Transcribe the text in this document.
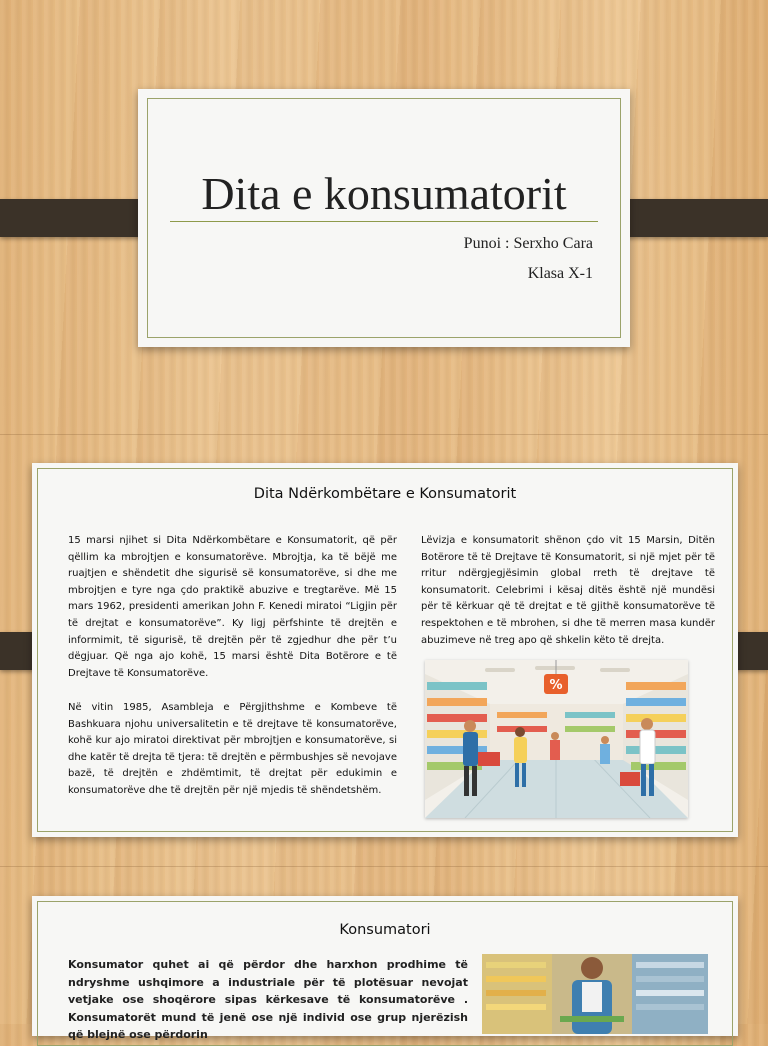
Dita e konsumatorit
Punoi : Serxho Cara
Klasa X-1
Dita Ndërkombëtare e Konsumatorit
15 marsi njihet si Dita Ndërkombëtare e Konsumatorit, që për qëllim ka mbrojtjen e konsumatorëve. Mbrojtja, ka të bëjë me ruajtjen e shëndetit dhe sigurisë së konsumatorëve, si dhe me mbrojtjen e tyre nga çdo praktikë abuzive e tregtarëve. Më 15 mars 1962, presidenti amerikan John F. Kenedi miratoi “Ligjin për të drejtat e konsumatorëve”. Ky ligj përfshinte të drejtën e informimit, të sigurisë, të drejtën për të zgjedhur dhe për t’u dëgjuar. Që nga ajo kohë, 15 marsi është Dita Botërore e të Drejtave të Konsumatorëve.
Në vitin 1985, Asambleja e Përgjithshme e Kombeve të Bashkuara njohu universalitetin e të drejtave të konsumatorëve, kohë kur ajo miratoi direktivat për mbrojtjen e konsumatorëve, si dhe katër të drejta të tjera: të drejtën e përmbushjes së nevojave bazë, të drejtën e zhdëmtimit, të drejtat për edukimin e konsumatorëve dhe të drejtën për një mjedis të shëndetshëm.
Lëvizja e konsumatorit shënon çdo vit 15 Marsin, Ditën Botërore të të Drejtave të Konsumatorit, si një mjet për të rritur ndërgjegjësimin global rreth të drejtave të konsumatorit. Celebrimi i kësaj ditës është një mundësi për të kërkuar që të drejtat e të gjithë konsumatorëve të respektohen e të mbrohen, si dhe të merren masa kundër abuzimeve në treg apo që shkelin këto të drejta.
%
Konsumatori
Konsumator quhet ai që përdor dhe harxhon prodhime të ndryshme ushqimore a industriale për të plotësuar nevojat vetjake ose shoqërore sipas kërkesave të konsumatorëve . Konsumatorët mund të jenë ose një individ ose grup njerëzish që blejnë ose përdorin
